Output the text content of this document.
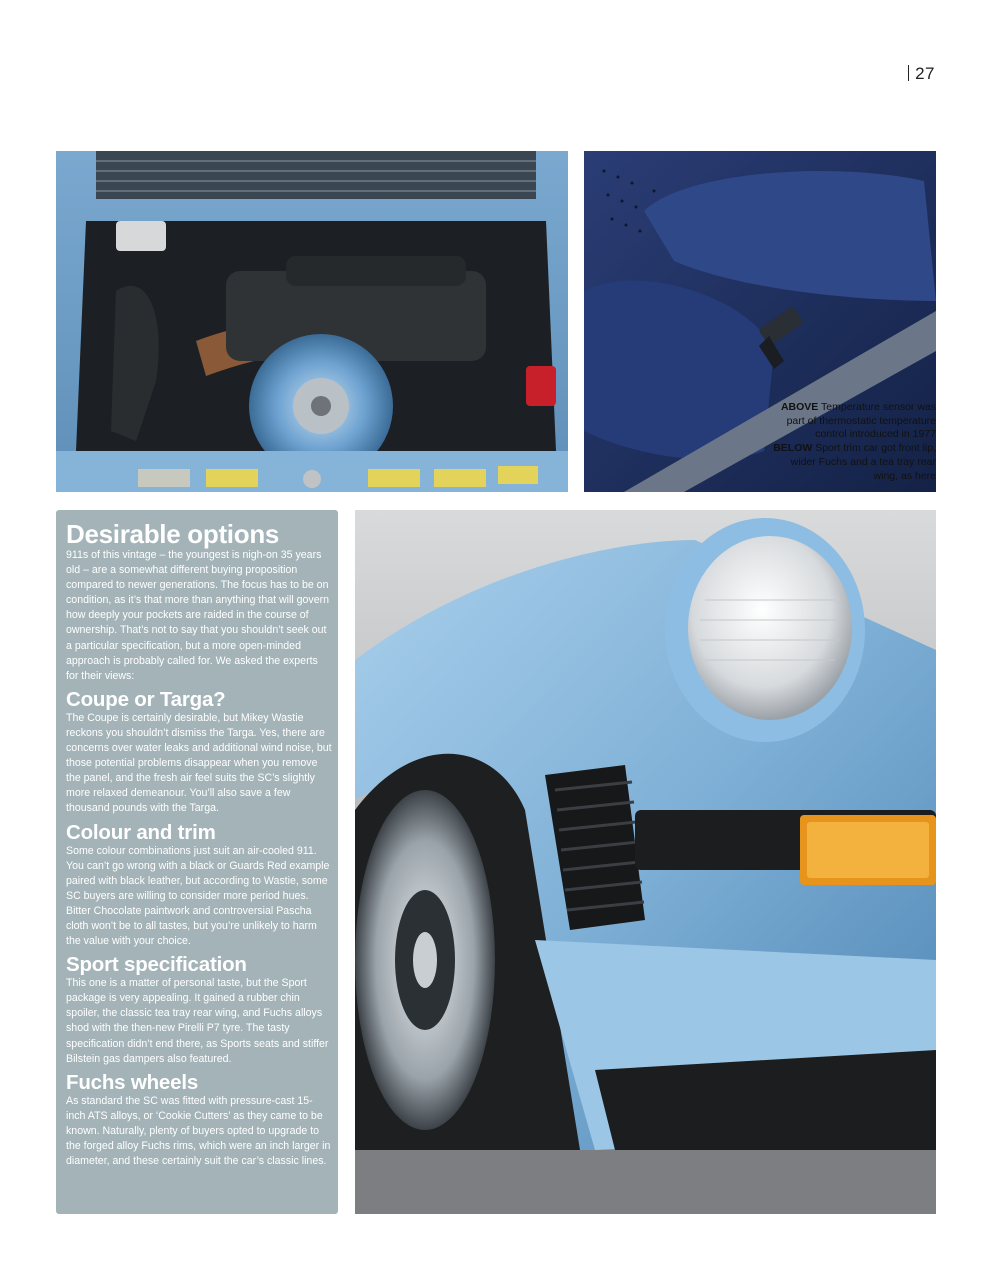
27
ABOVE Temperature sensor was part of thermostatic temperature control introduced in 1977
BELOW Sport trim car got front lip, wider Fuchs and a tea tray rear wing, as here
Desirable options

911s of this vintage – the youngest is nigh-on 35 years old – are a somewhat different buying proposition compared to newer generations. The focus has to be on condition, as it’s that more than anything that will govern how deeply your pockets are raided in the course of ownership. That’s not to say that you shouldn’t seek out a particular specification, but a more open-minded approach is probably called for. We asked the experts for their views:

Coupe or Targa?

The Coupe is certainly desirable, but Mikey Wastie reckons you shouldn’t dismiss the Targa. Yes, there are concerns over water leaks and additional wind noise, but those potential problems disappear when you remove the panel, and the fresh air feel suits the SC’s slightly more relaxed demeanour. You’ll also save a few thousand pounds with the Targa.

Colour and trim

Some colour combinations just suit an air-cooled 911. You can’t go wrong with a black or Guards Red example paired with black leather, but according to Wastie, some SC buyers are willing to consider more period hues. Bitter Chocolate paintwork and controversial Pascha cloth won’t be to all tastes, but you’re unlikely to harm the value with your choice.

Sport specification

This one is a matter of personal taste, but the Sport package is very appealing. It gained a rubber chin spoiler, the classic tea tray rear wing, and Fuchs alloys shod with the then-new Pirelli P7 tyre. The tasty specification didn’t end there, as Sports seats and stiffer Bilstein gas dampers also featured.

Fuchs wheels

As standard the SC was fitted with pressure-cast 15-inch ATS alloys, or ‘Cookie Cutters’ as they came to be known. Naturally, plenty of buyers opted to upgrade to the forged alloy Fuchs rims, which were an inch larger in diameter, and these certainly suit the car’s classic lines.
